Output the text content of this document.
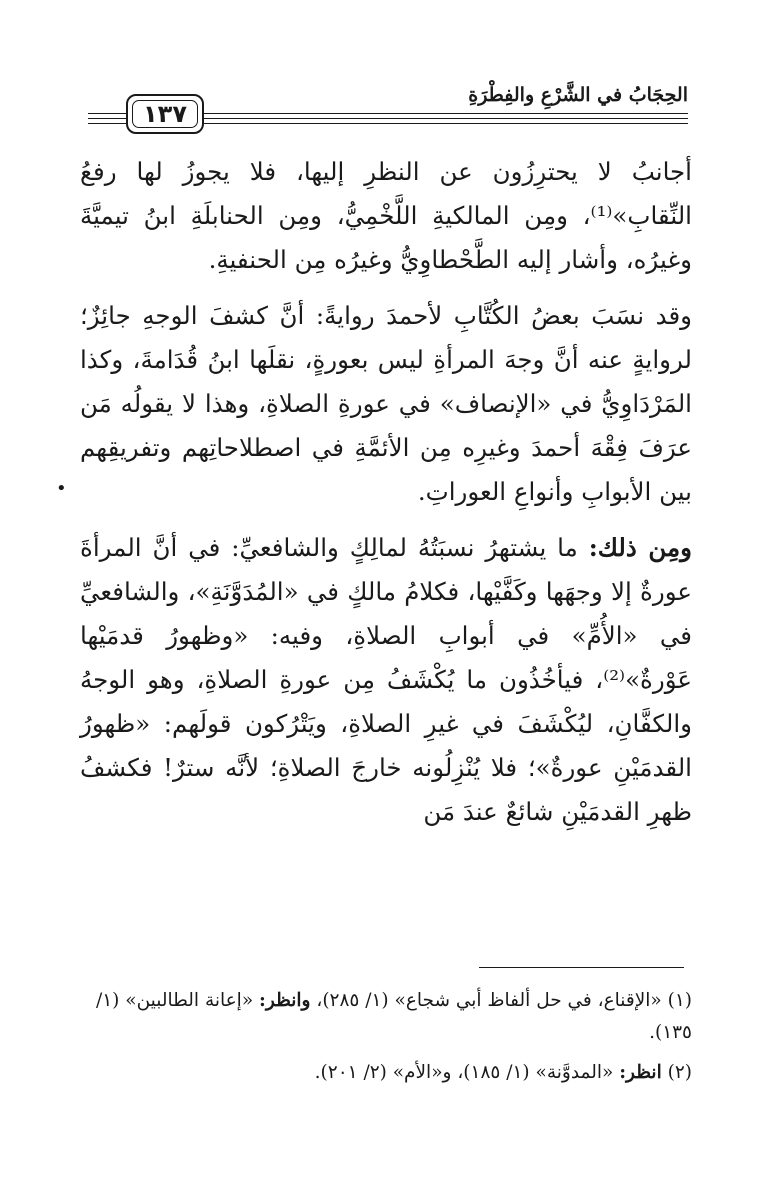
١٣٧
الحِجَابُ في الشَّرْعِ والفِطْرَةِ

أجانبُ لا يحترِزُون عن النظرِ إليها، فلا يجوزُ لها رفعُ النِّقابِ»⁽¹⁾، ومِن المالكيةِ اللَّخْمِيُّ، ومِن الحنابلَةِ ابنُ تيميَّةَ وغيرُه، وأشار إليه الطَّحْطاوِيُّ وغيرُه مِن الحنفيةِ.

وقد نسَبَ بعضُ الكُتَّابِ لأحمدَ روايةً: أنَّ كشفَ الوجهِ جائِزٌ؛ لروايةٍ عنه أنَّ وجهَ المرأةِ ليس بعورةٍ، نقلَها ابنُ قُدَامةَ، وكذا المَرْدَاوِيُّ في «الإنصاف» في عورةِ الصلاةِ، وهذا لا يقولُه مَن عرَفَ فِقْهَ أحمدَ وغيرِه مِن الأئمَّةِ في اصطلاحاتِهم وتفريقِهم بين الأبوابِ وأنواعِ العوراتِ.

ومِن ذلك: ما يشتهرُ نسبَتُهُ لمالِكٍ والشافعيِّ: في أنَّ المرأةَ عورةٌ إلا وجهَها وكَفَّيْها، فكلامُ مالكٍ في «المُدَوَّنَةِ»، والشافعيِّ في «الأُمِّ» في أبوابِ الصلاةِ، وفيه: «وظهورُ قدمَيْها عَوْرةٌ»⁽²⁾، فيأخُذُون ما يُكْشَفُ مِن عورةِ الصلاةِ، وهو الوجهُ والكفَّانِ، ليُكْشَفَ في غيرِ الصلاةِ، ويَتْرُكون قولَهم: «ظهورُ القدمَيْنِ عورةٌ»؛ فلا يُنْزِلُونه خارجَ الصلاةِ؛ لأنَّه سترٌ! فكشفُ ظهرِ القدمَيْنِ شائعٌ عندَ مَن

•

(١) «الإقناع، في حل ألفاظ أبي شجاع» (١/ ٢٨٥)، وانظر: «إعانة الطالبين» (١/ ١٣٥).

(٢) انظر: «المدوَّنة» (١/ ١٨٥)، و«الأم» (٢/ ٢٠١).
